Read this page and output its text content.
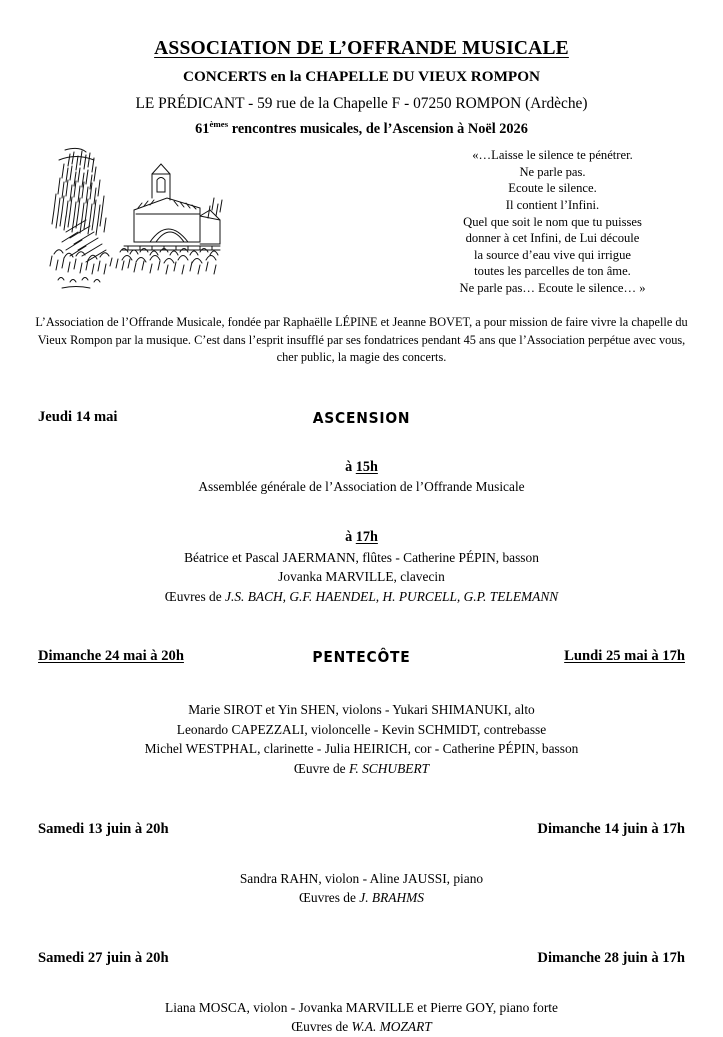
ASSOCIATION DE L’OFFRANDE MUSICALE
CONCERTS en la CHAPELLE DU VIEUX ROMPON
LE PRÉDICANT - 59 rue de la Chapelle F - 07250 ROMPON (Ardèche)
61èmes rencontres musicales, de l’Ascension à Noël 2026
«…Laisse le silence te pénétrer.
Ne parle pas.
Ecoute le silence.
Il contient l’Infini.
Quel que soit le nom que tu puisses
donner à cet Infini, de Lui découle
la source d’eau vive qui irrigue
toutes les parcelles de ton âme.
Ne parle pas… Ecoute le silence… »
L’Association de l’Offrande Musicale, fondée par Raphaëlle LÉPINE et Jeanne BOVET, a pour mission de faire vivre la chapelle du Vieux Rompon par la musique. C’est dans l’esprit insufflé par ses fondatrices pendant 45 ans que l’Association perpétue avec vous, cher public, la magie des concerts.
Jeudi 14 mai	ASCENSION
à 15h
Assemblée générale de l’Association de l’Offrande Musicale
à 17h
Béatrice et Pascal JAERMANN, flûtes - Catherine PÉPIN, basson
Jovanka MARVILLE, clavecin
Œuvres de J.S. BACH, G.F. HAENDEL, H. PURCELL, G.P. TELEMANN
Dimanche 24 mai à 20h	PENTECÔTE	Lundi 25 mai à 17h
Marie SIROT et Yin SHEN, violons - Yukari SHIMANUKI, alto
Leonardo CAPEZZALI, violoncelle - Kevin SCHMIDT, contrebasse
Michel WESTPHAL, clarinette - Julia HEIRICH, cor - Catherine PÉPIN, basson
Œuvre de F. SCHUBERT
Samedi 13 juin à 20h	Dimanche 14 juin à 17h
Sandra RAHN, violon - Aline JAUSSI, piano
Œuvres de J. BRAHMS
Samedi 27 juin à 20h	Dimanche 28 juin à 17h
Liana MOSCA, violon - Jovanka MARVILLE et Pierre GOY, piano forte
Œuvres de W.A. MOZART
